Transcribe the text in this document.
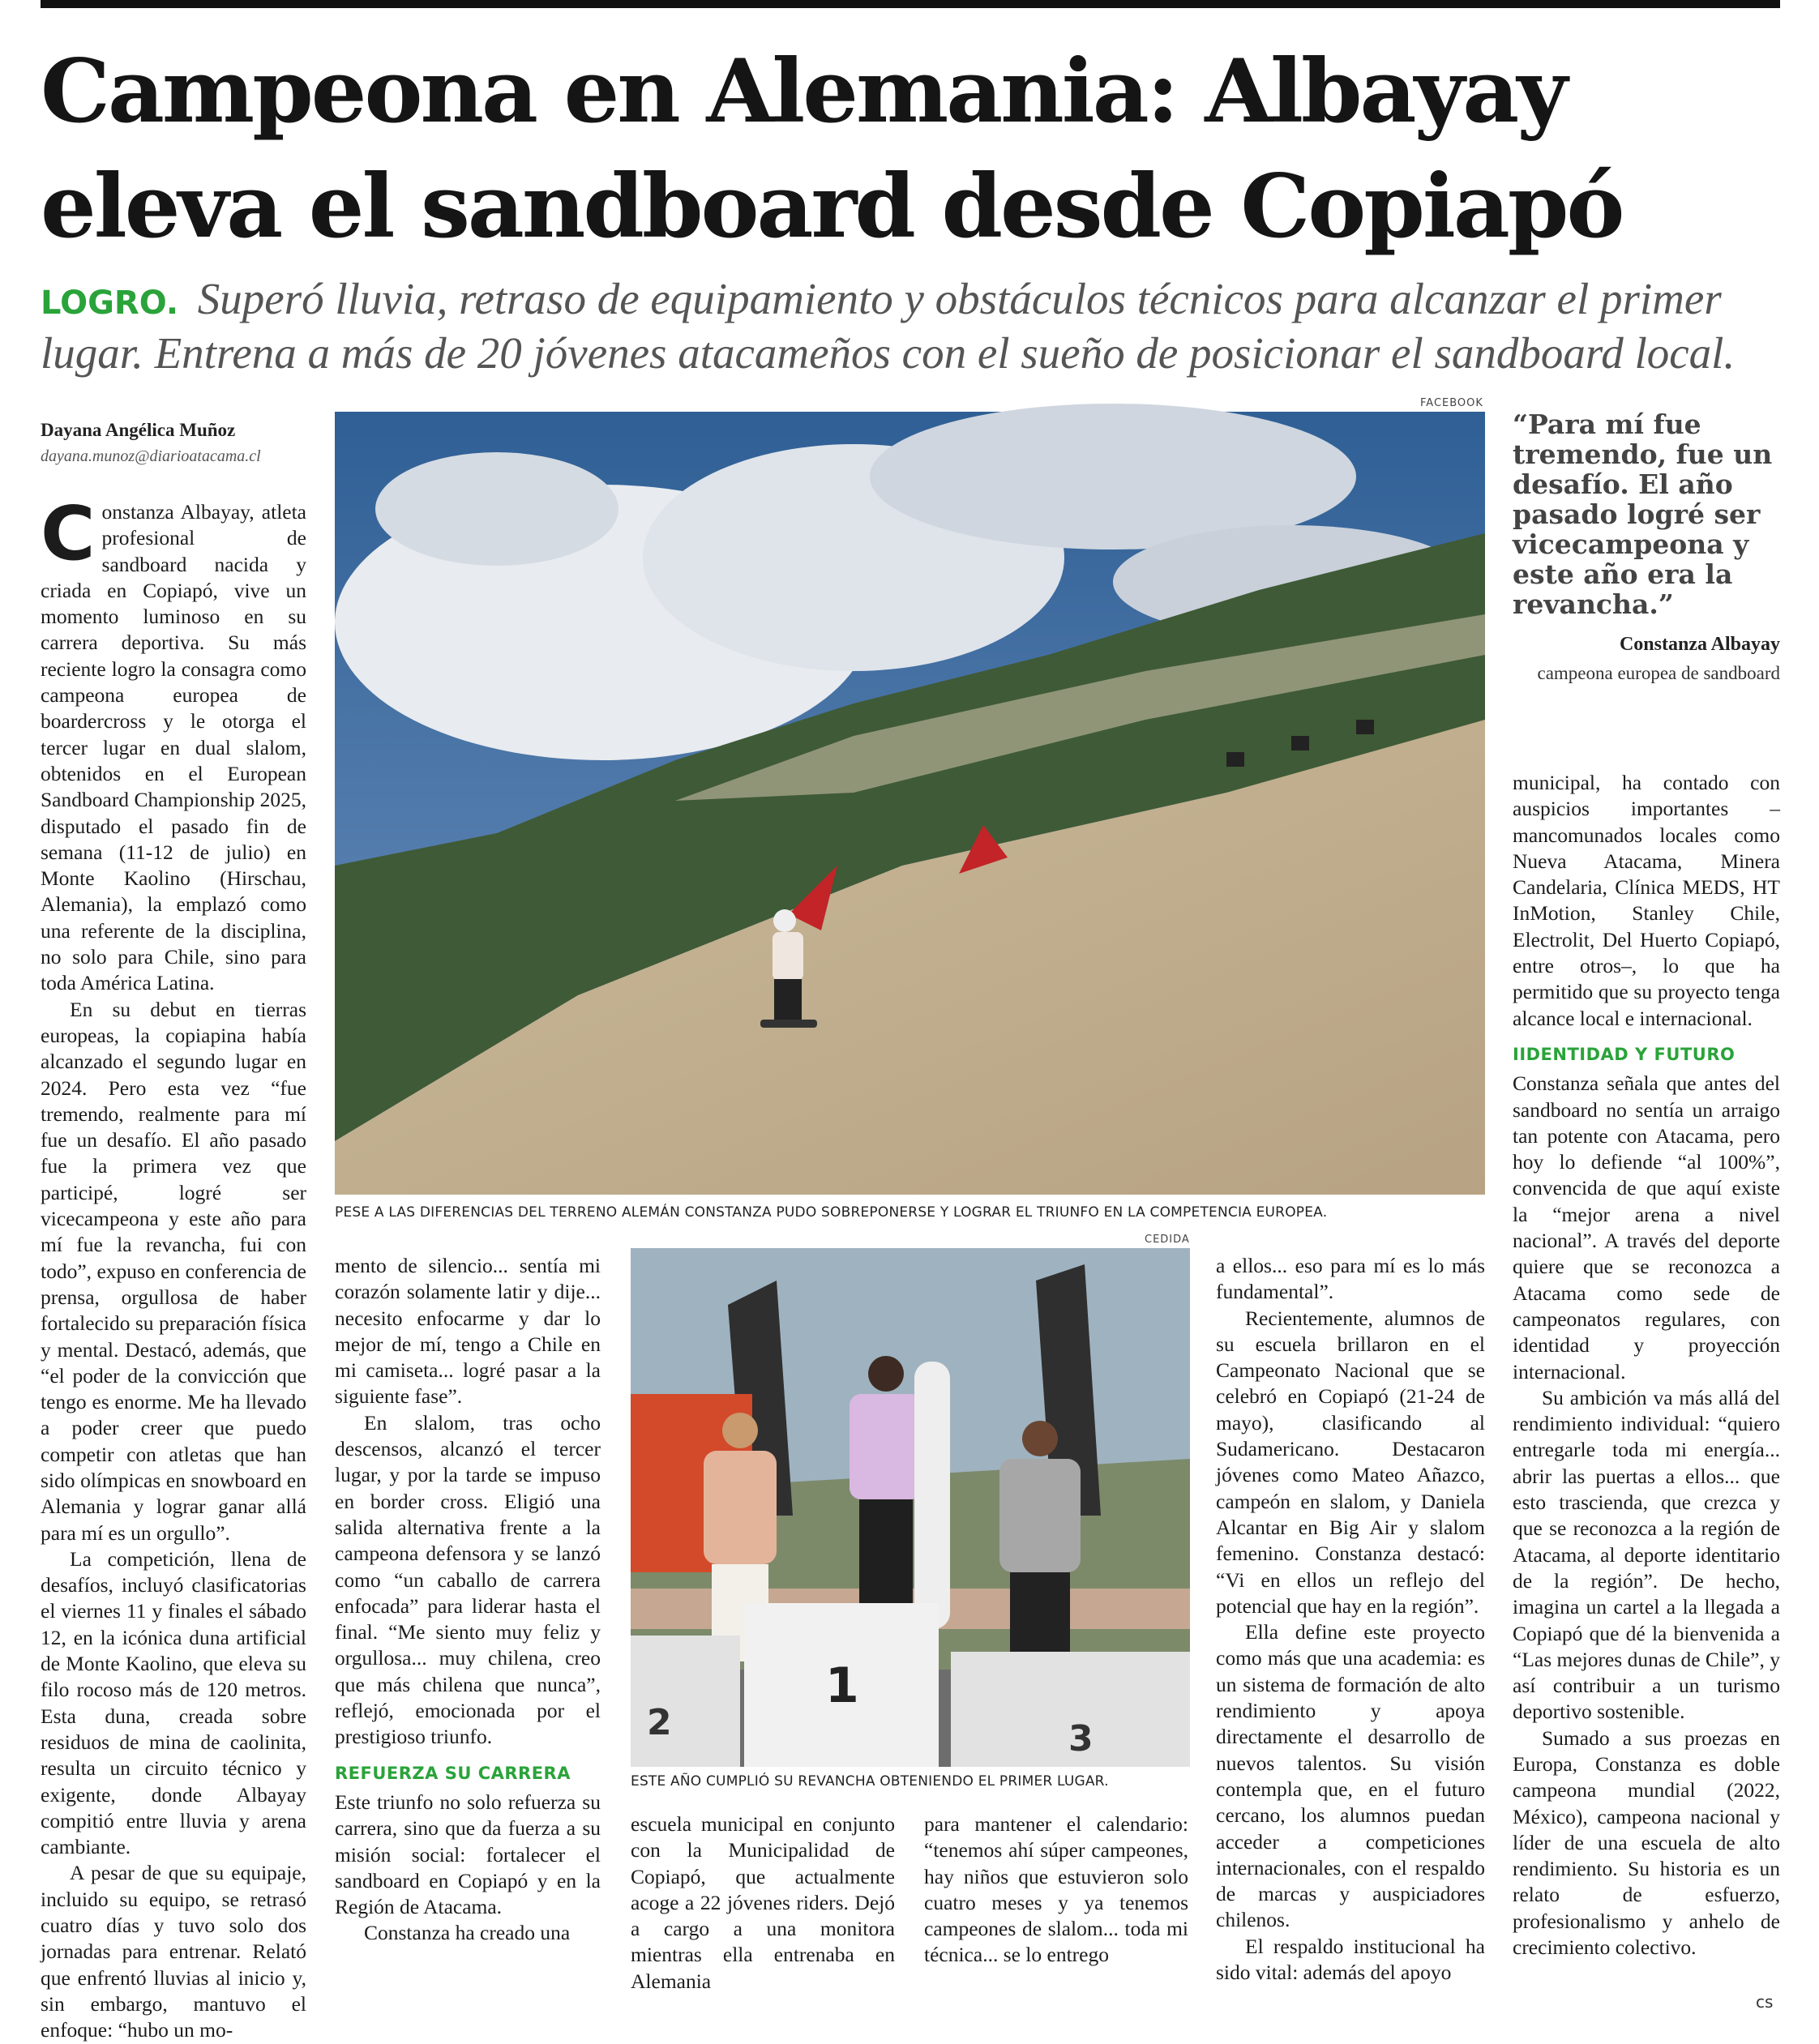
Campeona en Alemania: Albayay
eleva el sandboard desde Copiapó
LOGRO. Superó lluvia, retraso de equipamiento y obstáculos técnicos para alcanzar el primer lugar. Entrena a más de 20 jóvenes atacameños con el sueño de posicionar el sandboard local.
Dayana Angélica Muñoz
dayana.munoz@diarioatacama.cl

Constanza Albayay, atleta profesional de sandboard nacida y criada en Copiapó, vive un momento luminoso en su carrera deportiva. Su más reciente logro la consagra como campeona europea de boardercross y le otorga el tercer lugar en dual slalom, obtenidos en el European Sandboard Championship 2025, disputado el pasado fin de semana (11-12 de julio) en Monte Kaolino (Hirschau, Alemania), la emplazó como una referente de la disciplina, no solo para Chile, sino para toda América Latina.

En su debut en tierras europeas, la copiapina había alcanzado el segundo lugar en 2024. Pero esta vez “fue tremendo, realmente para mí fue un desafío. El año pasado fue la primera vez que participé, logré ser vicecampeona y este año para mí fue la revancha, fui con todo”, expuso en conferencia de prensa, orgullosa de haber fortalecido su preparación física y mental. Destacó, además, que “el poder de la convicción que tengo es enorme. Me ha llevado a poder creer que puedo competir con atletas que han sido olímpicas en snowboard en Alemania y lograr ganar allá para mí es un orgullo”.

La competición, llena de desafíos, incluyó clasificatorias el viernes 11 y finales el sábado 12, en la icónica duna artificial de Monte Kaolino, que eleva su filo rocoso más de 120 metros. Esta duna, creada sobre residuos de mina de caolinita, resulta un circuito técnico y exigente, donde Albayay compitió entre lluvia y arena cambiante.

A pesar de que su equipaje, incluido su equipo, se retrasó cuatro días y tuvo solo dos jornadas para entrenar. Relató que enfrentó lluvias al inicio y, sin embargo, mantuvo el enfoque: “hubo un mo-

FACEBOOK
PESE A LAS DIFERENCIAS DEL TERRENO ALEMÁN CONSTANZA PUDO SOBREPONERSE Y LOGRAR EL TRIUNFO EN LA COMPETENCIA EUROPEA.

mento de silencio... sentía mi corazón solamente latir y dije... necesito enfocarme y dar lo mejor de mí, tengo a Chile en mi camiseta... logré pasar a la siguiente fase”.

En slalom, tras ocho descensos, alcanzó el tercer lugar, y por la tarde se impuso en border cross. Eligió una salida alternativa frente a la campeona defensora y se lanzó como “un caballo de carrera enfocada” para liderar hasta el final. “Me siento muy feliz y orgullosa... muy chilena, creo que más chilena que nunca”, reflejó, emocionada por el prestigioso triunfo.

REFUERZA SU CARRERA

Este triunfo no solo refuerza su carrera, sino que da fuerza a su misión social: fortalecer el sandboard en Copiapó y en la Región de Atacama.

Constanza ha creado una

CEDIDA
2
1
3
ESTE AÑO CUMPLIÓ SU REVANCHA OBTENIENDO EL PRIMER LUGAR.

escuela municipal en conjunto con la Municipalidad de Copiapó, que actualmente acoge a 22 jóvenes riders. Dejó a cargo a una monitora mientras ella entrenaba en Alemania

para mantener el calendario: “tenemos ahí súper campeones, hay niños que estuvieron solo cuatro meses y ya tenemos campeones de slalom... toda mi técnica... se lo entrego

a ellos... eso para mí es lo más fundamental”.

Recientemente, alumnos de su escuela brillaron en el Campeonato Nacional que se celebró en Copiapó (21-24 de mayo), clasificando al Sudamericano. Destacaron jóvenes como Mateo Añazco, campeón en slalom, y Daniela Alcantar en Big Air y slalom femenino. Constanza destacó: “Vi en ellos un reflejo del potencial que hay en la región”.

Ella define este proyecto como más que una academia: es un sistema de formación de alto rendimiento y apoya directamente el desarrollo de nuevos talentos. Su visión contempla que, en el futuro cercano, los alumnos puedan acceder a competiciones internacionales, con el respaldo de marcas y auspiciadores chilenos.

El respaldo institucional ha sido vital: además del apoyo

“Para mí fue tremendo, fue un desafío. El año pasado logré ser vicecampeona y este año era la revancha.”
Constanza Albayay
campeona europea de sandboard

municipal, ha contado con auspicios importantes –mancomunados locales como Nueva Atacama, Minera Candelaria, Clínica MEDS, HT InMotion, Stanley Chile, Electrolit, Del Huerto Copiapó, entre otros–, lo que ha permitido que su proyecto tenga alcance local e internacional.

IIDENTIDAD Y FUTURO

Constanza señala que antes del sandboard no sentía un arraigo tan potente con Atacama, pero hoy lo defiende “al 100%”, convencida de que aquí existe la “mejor arena a nivel nacional”. A través del deporte quiere que se reconozca a Atacama como sede de campeonatos regulares, con identidad y proyección internacional.

Su ambición va más allá del rendimiento individual: “quiero entregarle toda mi energía... abrir las puertas a ellos... que esto trascienda, que crezca y que se reconozca a la región de Atacama, al deporte identitario de la región”. De hecho, imagina un cartel a la llegada a Copiapó que dé la bienvenida a “Las mejores dunas de Chile”, y así contribuir a un turismo deportivo sostenible.

Sumado a sus proezas en Europa, Constanza es doble campeona mundial (2022, México), campeona nacional y líder de una escuela de alto rendimiento. Su historia es un relato de esfuerzo, profesionalismo y anhelo de crecimiento colectivo.

cs
